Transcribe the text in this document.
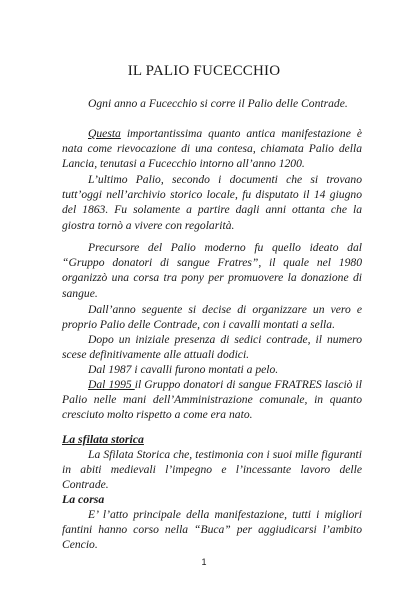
IL PALIO FUCECCHIO
Ogni anno a Fucecchio si corre il Palio delle Contrade.
Questa importantissima quanto antica manifestazione è nata come rievocazione di una contesa, chiamata Palio della Lancia, tenutasi a Fucecchio intorno all’anno 1200.
L’ultimo Palio, secondo i documenti che si trovano tutt’oggi nell’archivio storico locale, fu disputato il 14 giugno del 1863. Fu solamente a partire dagli anni ottanta che la giostra tornò a vivere con regolarità.
Precursore del Palio moderno fu quello ideato dal “Gruppo donatori di sangue Fratres”, il quale nel 1980 organizzò una corsa tra pony per promuovere la donazione di sangue.
Dall’anno seguente si decise di organizzare un vero e proprio Palio delle Contrade, con i cavalli montati a sella.
Dopo un iniziale presenza di sedici contrade, il numero scese definitivamente alle attuali dodici.
Dal 1987 i cavalli furono montati a pelo.
Dal 1995 il Gruppo donatori di sangue FRATRES lasciò il Palio nelle mani dell’Amministrazione comunale, in quanto cresciuto molto rispetto a come era nato.
La sfilata storica
La Sfilata Storica che, testimonia con i suoi mille figuranti in abiti medievali l’impegno e l’incessante lavoro delle Contrade.
La corsa
E’ l’atto principale della manifestazione, tutti i migliori fantini hanno corso nella “Buca” per aggiudicarsi l’ambito Cencio.
1
